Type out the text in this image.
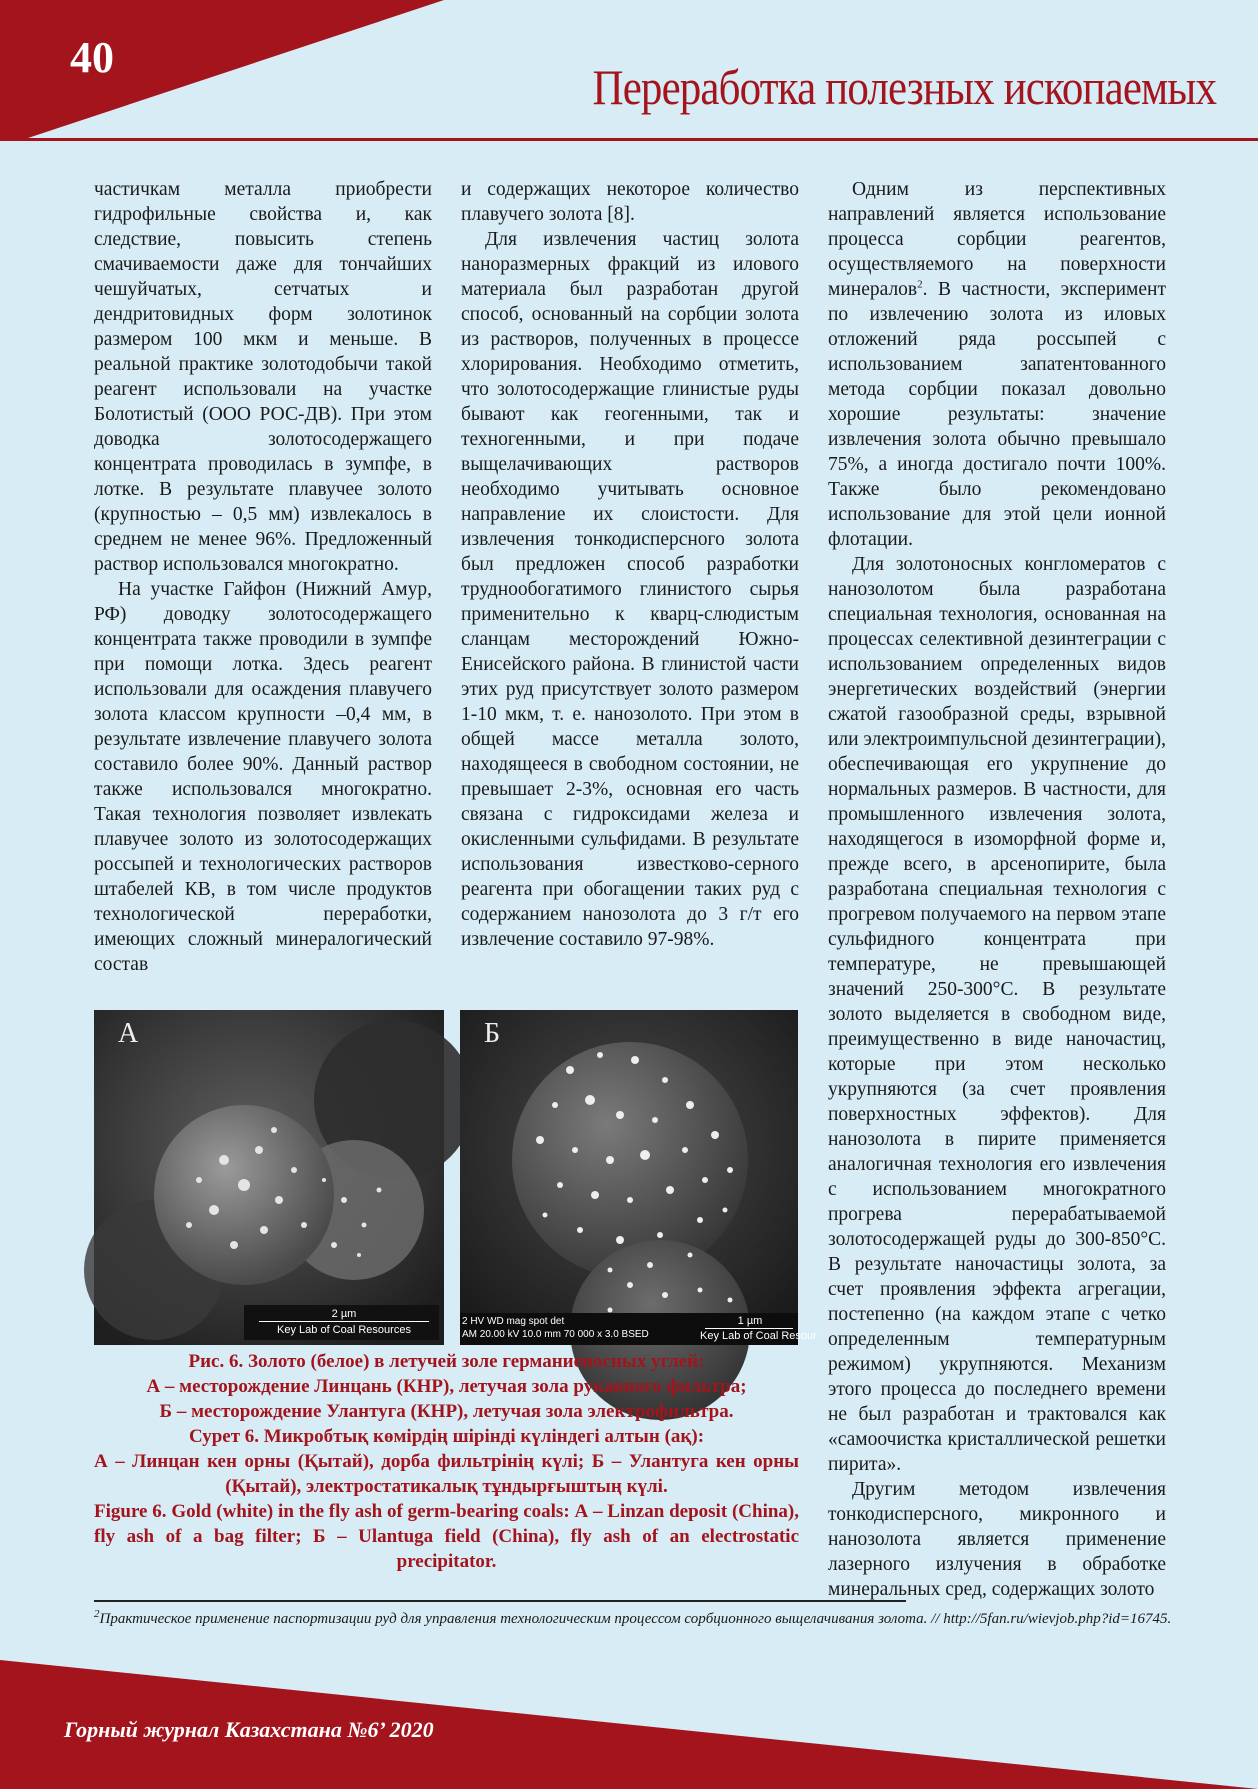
40
Переработка полезных ископаемых

частичкам металла приобрести гидрофильные свойства и, как следствие, повысить степень смачиваемости даже для тончайших чешуйчатых, сетчатых и дендритовидных форм золотинок размером 100 мкм и меньше. В реальной практике золотодобычи такой реагент использовали на участке Болотистый (ООО РОС-ДВ). При этом доводка золотосодержащего концентрата проводилась в зумпфе, в лотке. В результате плавучее золото (крупностью – 0,5 мм) извлекалось в среднем не менее 96%. Предложенный раствор использовался многократно.

На участке Гайфон (Нижний Амур, РФ) доводку золотосодержащего концентрата также проводили в зумпфе при помощи лотка. Здесь реагент использовали для осаждения плавучего золота классом крупности –0,4 мм, в результате извлечение плавучего золота составило более 90%. Данный раствор также использовался многократно. Такая технология позволяет извлекать плавучее золото из золотосодержащих россыпей и технологических растворов штабелей КВ, в том числе продуктов технологической переработки, имеющих сложный минералогический состав

и содержащих некоторое количество плавучего золота [8].

Для извлечения частиц золота наноразмерных фракций из илового материала был разработан другой способ, основанный на сорбции золота из растворов, полученных в процессе хлорирования. Необходимо отметить, что золотосодержащие глинистые руды бывают как геогенными, так и техногенными, и при подаче выщелачивающих растворов необходимо учитывать основное направление их слоистости. Для извлечения тонкодисперсного золота был предложен способ разработки труднообогатимого глинистого сырья применительно к кварц-слюдистым сланцам месторождений Южно-Енисейского района. В глинистой части этих руд присутствует золото размером 1-10 мкм, т. е. нанозолото. При этом в общей массе металла золото, находящееся в свободном состоянии, не превышает 2-3%, основная его часть связана с гидроксидами железа и окисленными сульфидами. В результате использования известково-серного реагента при обогащении таких руд с содержанием нанозолота до 3 г/т его извлечение составило 97-98%.

Одним из перспективных направлений является использование процесса сорбции реагентов, осуществляемого на поверхности минералов$^2$. В частности, эксперимент по извлечению золота из иловых отложений ряда россыпей с использованием запатентованного метода сорбции показал довольно хорошие результаты: значение извлечения золота обычно превышало 75%, а иногда достигало почти 100%. Также было рекомендовано использование для этой цели ионной флотации.

Для золотоносных конгломератов с нанозолотом была разработана специальная технология, основанная на процессах селективной дезинтеграции с использованием определенных видов энергетических воздействий (энергии сжатой газообразной среды, взрывной или электроимпульсной дезинтеграции), обеспечивающая его укрупнение до нормальных размеров. В частности, для промышленного извлечения золота, находящегося в изоморфной форме и, прежде всего, в арсенопирите, была разработана специальная технология с прогревом получаемого на первом этапе сульфидного концентрата при температуре, не превышающей значений 250-300°С. В результате золото выделяется в свободном виде, преимущественно в виде наночастиц, которые при этом несколько укрупняются (за счет проявления поверхностных эффектов). Для нанозолота в пирите применяется аналогичная технология его извлечения с использованием многократного прогрева перерабатываемой золотосодержащей руды до 300-850°С. В результате наночастицы золота, за счет проявления эффекта агрегации, постепенно (на каждом этапе с четко определенным температурным режимом) укрупняются. Механизм этого процесса до последнего времени не был разработан и трактовался как «самоочистка кристаллической решетки пирита».

Другим методом извлечения тонкодисперсного, микронного и нанозолота является применение лазерного излучения в обработке минеральных сред, содержащих золото

А
2 µm
Key Lab of Coal Resources
Б
2 HV WD mag spot det
AM 20.00 kV 10.0 mm 70 000 x 3.0 BSED
1 µm
Key Lab of Coal Resour
Рис. 6. Золото (белое) в летучей золе германиеносных углей:
А – месторождение Линцань (КНР), летучая зола рукавного фильтра;
Б – месторождение Улантуга (КНР), летучая зола электрофильтра.
Сурет 6. Микробтық көмірдің шіріндi күліндегі алтын (ақ):
А – Линцан кен орны (Қытай), дорба фильтрінің күлі; Б – Улантуга кен орны (Қытай), электростатикалық тұндырғыштың күлі.
Figure 6. Gold (white) in the fly ash of germ-bearing coals: А – Linzan deposit (China), fly ash of a bag filter; Б – Ulantuga field (China), fly ash of an electrostatic precipitator.
$^2$Практическое применение паспортизации руд для управления технологическим процессом сорбционного выщелачивания золота. // http://5fan.ru/wievjob.php?id=16745.
Горный журнал Казахстана №6’ 2020
